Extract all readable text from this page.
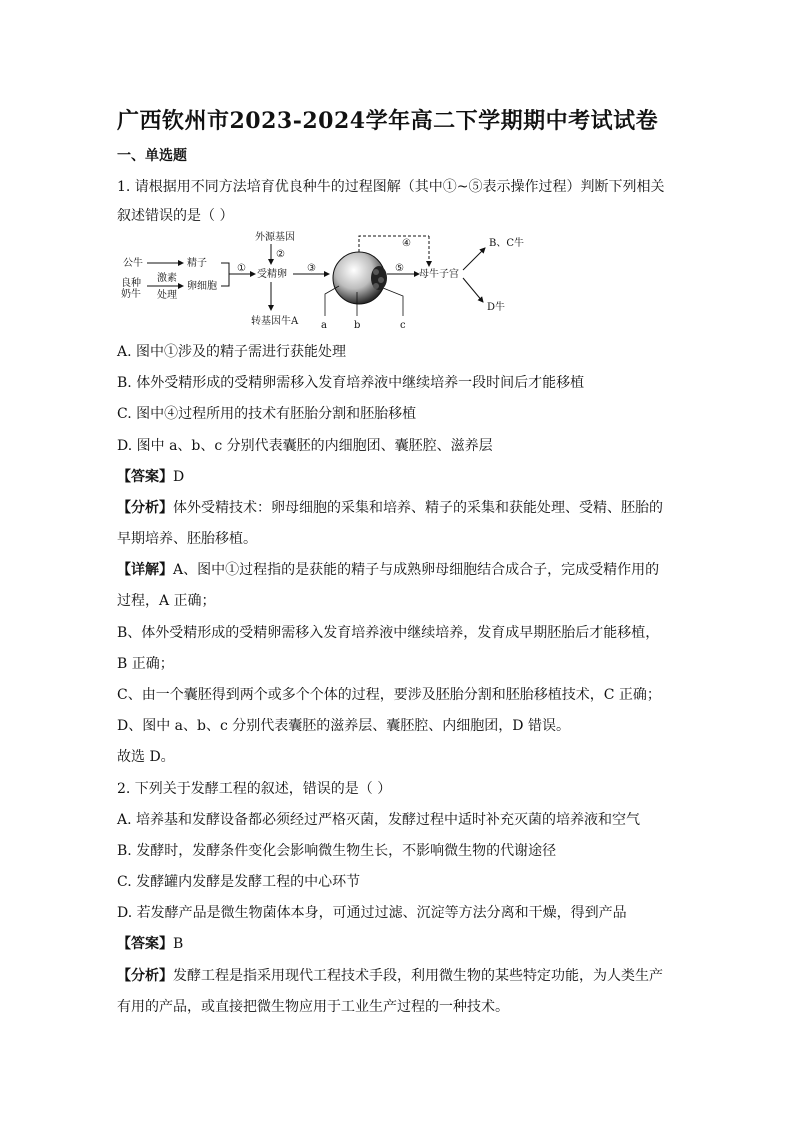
广西钦州市2023-2024学年高二下学期期中考试试卷
一、单选题
1. 请根据用不同方法培育优良种牛的过程图解（其中①~⑤表示操作过程）判断下列相关
叙述错误的是（ ）
公牛	精子
良种
奶牛
激素
处理
卵细胞
①
外源基因
②
受精卵
转基因牛A
③
a	b	c
④
⑤
母牛子宫
B、C牛
D牛
A. 图中①涉及的精子需进行获能处理
B. 体外受精形成的受精卵需移入发育培养液中继续培养一段时间后才能移植
C. 图中④过程所用的技术有胚胎分割和胚胎移植
D. 图中 a、b、c 分别代表囊胚的内细胞团、囊胚腔、滋养层
【答案】D
【分析】体外受精技术：卵母细胞的采集和培养、精子的采集和获能处理、受精、胚胎的
早期培养、胚胎移植。
【详解】A、图中①过程指的是获能的精子与成熟卵母细胞结合成合子，完成受精作用的
过程，A 正确；
B、体外受精形成的受精卵需移入发育培养液中继续培养，发育成早期胚胎后才能移植，
B 正确；
C、由一个囊胚得到两个或多个个体的过程，要涉及胚胎分割和胚胎移植技术，C 正确；
D、图中 a、b、c 分别代表囊胚的滋养层、囊胚腔、内细胞团，D 错误。
故选 D。
2. 下列关于发酵工程的叙述，错误的是（ ）
A. 培养基和发酵设备都必须经过严格灭菌，发酵过程中适时补充灭菌的培养液和空气
B. 发酵时，发酵条件变化会影响微生物生长，不影响微生物的代谢途径
C. 发酵罐内发酵是发酵工程的中心环节
D. 若发酵产品是微生物菌体本身，可通过过滤、沉淀等方法分离和干燥，得到产品
【答案】B
【分析】发酵工程是指采用现代工程技术手段，利用微生物的某些特定功能，为人类生产
有用的产品，或直接把微生物应用于工业生产过程的一种技术。
